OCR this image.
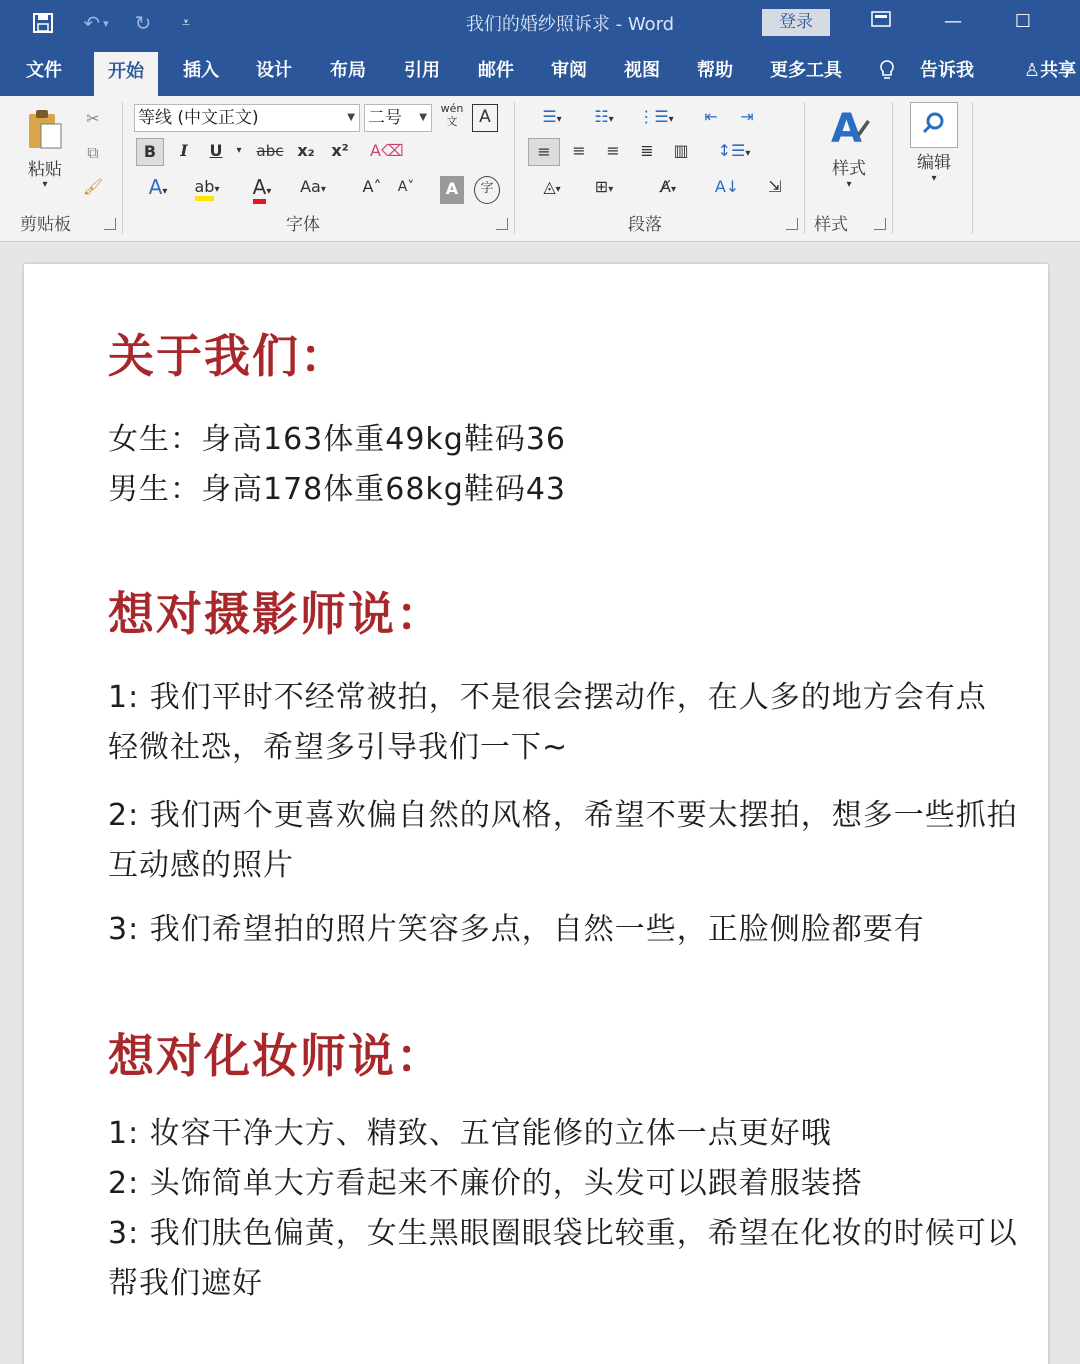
↶ ▾	↻	⩡	我们的婚纱照诉求 - Word	登录	—	☐
文件	开始	插入 设计 布局 引用 邮件 审阅 视图 帮助 更多工具	告诉我	♙共享
粘贴
▾
✂
⧉
🖌
剪贴板
等线 (中文正文)	▼ 二号 ▼
wén
文	A
B	I	U	▾	abc x₂	x²	A⌫
A▾	ab▾	A▾	Aa▾	A˄	A˅	A	字
字体
☰▾	☷▾	⋮☰▾	⇤	⇥
≡	≡	≡	≣	▥	↕☰▾
◬▾	⊞▾	A̸▾	A↓	⇲
段落
A
样式
▾
样式
编辑
▾
关于我们：
女生：身高163体重49kg鞋码36
男生：身高178体重68kg鞋码43
想对摄影师说：
1: 我们平时不经常被拍，不是很会摆动作，在人多的地方会有点
轻微社恐，希望多引导我们一下~
2: 我们两个更喜欢偏自然的风格，希望不要太摆拍，想多一些抓拍
互动感的照片
3: 我们希望拍的照片笑容多点，自然一些，正脸侧脸都要有
想对化妆师说：
1: 妆容干净大方、精致、五官能修的立体一点更好哦
2: 头饰简单大方看起来不廉价的，头发可以跟着服装搭
3: 我们肤色偏黄，女生黑眼圈眼袋比较重，希望在化妆的时候可以
帮我们遮好
